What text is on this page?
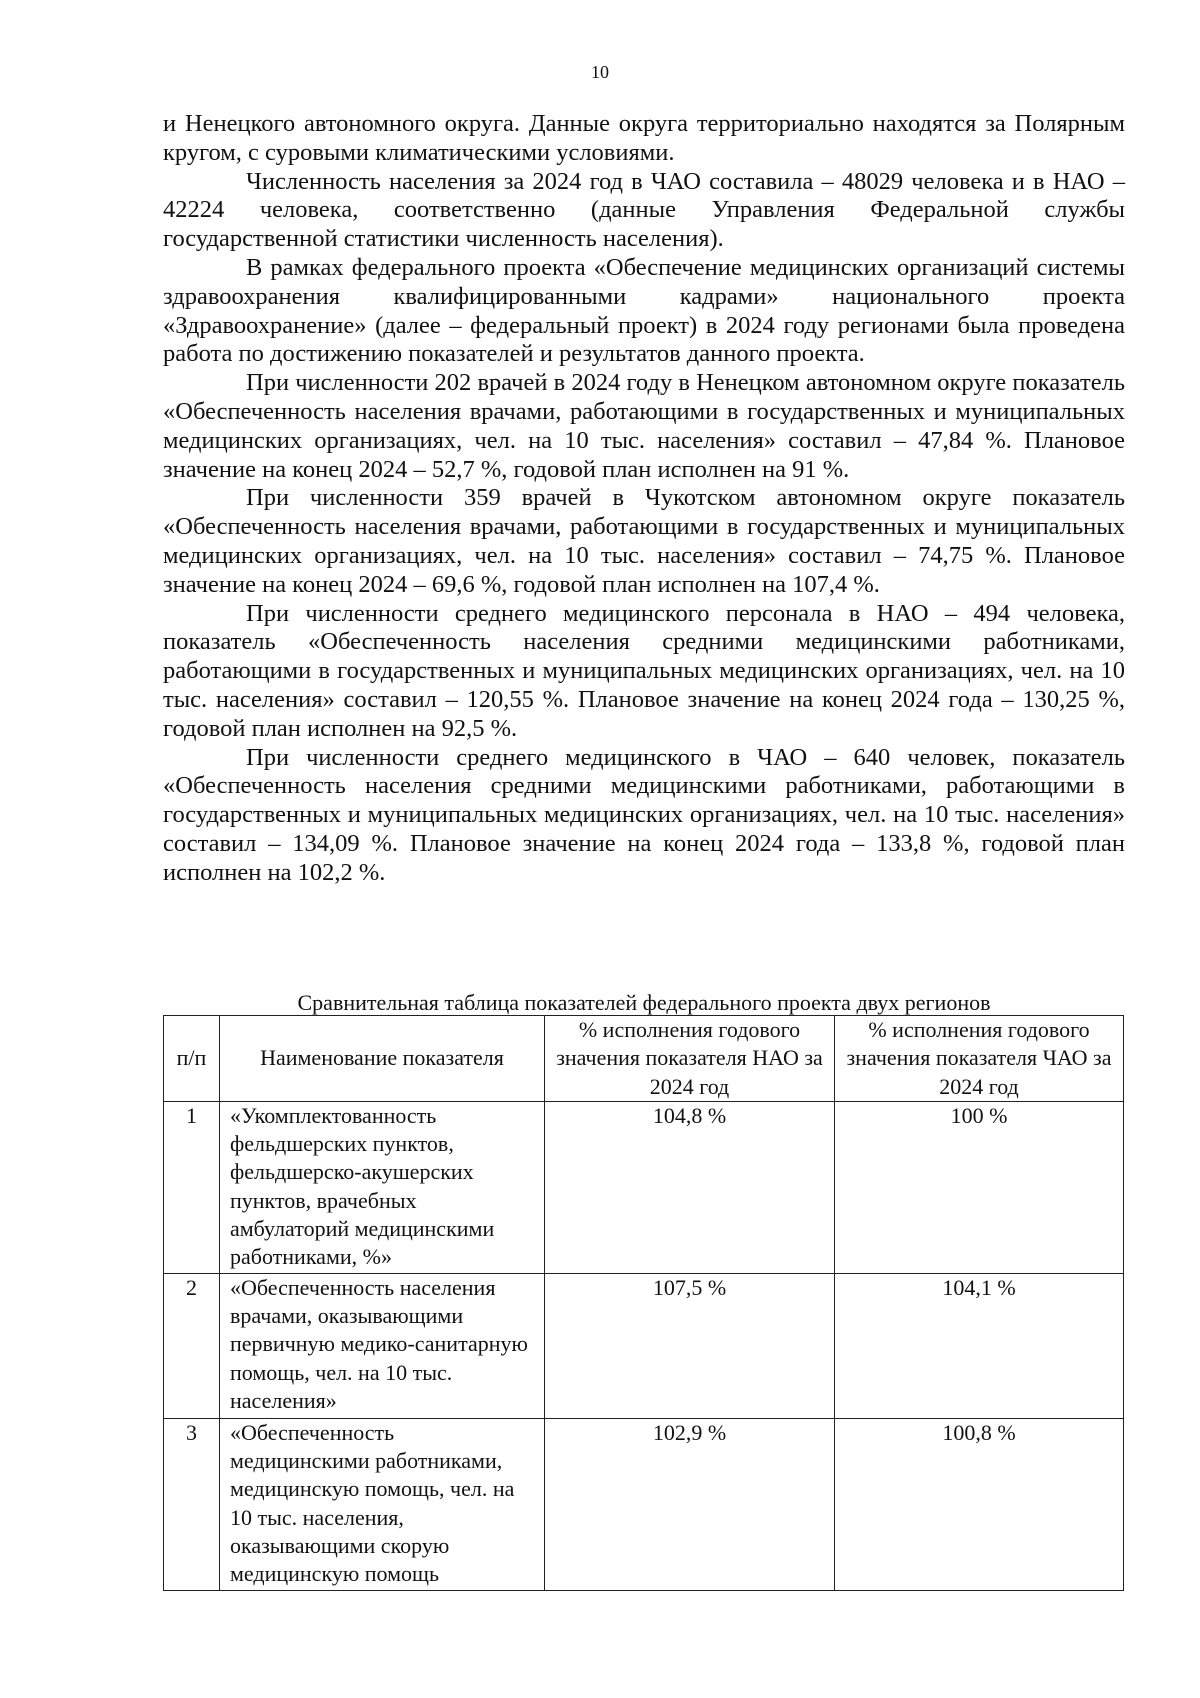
10

и Ненецкого автономного округа. Данные округа территориально находятся за Полярным кругом, с суровыми климатическими условиями.

Численность населения за 2024 год в ЧАО составила – 48029 человека и в НАО – 42224 человека, соответственно (данные Управления Федеральной службы государственной статистики численность населения).

В рамках федерального проекта «Обеспечение медицинских организаций системы здравоохранения квалифицированными кадрами» национального проекта «Здравоохранение» (далее – федеральный проект) в 2024 году регионами была проведена работа по достижению показателей и результатов данного проекта.

При численности 202 врачей в 2024 году в Ненецком автономном округе показатель «Обеспеченность населения врачами, работающими в государственных и муниципальных медицинских организациях, чел. на 10 тыс. населения» составил – 47,84 %. Плановое значение на конец 2024 – 52,7 %, годовой план исполнен на 91 %.

При численности 359 врачей в Чукотском автономном округе показатель «Обеспеченность населения врачами, работающими в государственных и муниципальных медицинских организациях, чел. на 10 тыс. населения» составил – 74,75 %. Плановое значение на конец 2024 – 69,6 %, годовой план исполнен на 107,4 %.

При численности среднего медицинского персонала в НАО – 494 человека, показатель «Обеспеченность населения средними медицинскими работниками, работающими в государственных и муниципальных медицинских организациях, чел. на 10 тыс. населения» составил – 120,55 %. Плановое значение на конец 2024 года – 130,25 %, годовой план исполнен на 92,5 %.

При численности среднего медицинского в ЧАО – 640 человек, показатель «Обеспеченность населения средними медицинскими работниками, работающими в государственных и муниципальных медицинских организациях, чел. на 10 тыс. населения» составил – 134,09 %. Плановое значение на конец 2024 года – 133,8 %, годовой план исполнен на 102,2 %.

Сравнительная таблица показателей федерального проекта двух регионов
п/п	Наименование показателя	% исполнения годового значения показателя НАО за 2024 год	% исполнения годового значения показателя ЧАО за 2024 год
1	«Укомплектованность фельдшерских пунктов, фельдшерско-акушерских пунктов, врачебных амбулаторий медицинскими работниками, %»	104,8 %	100 %
2	«Обеспеченность населения врачами, оказывающими первичную медико-санитарную помощь, чел. на 10 тыс. населения»	107,5 %	104,1 %
3	«Обеспеченность медицинскими работниками, медицинскую помощь, чел. на 10 тыс. населения, оказывающими скорую медицинскую помощь	102,9 %	100,8 %
